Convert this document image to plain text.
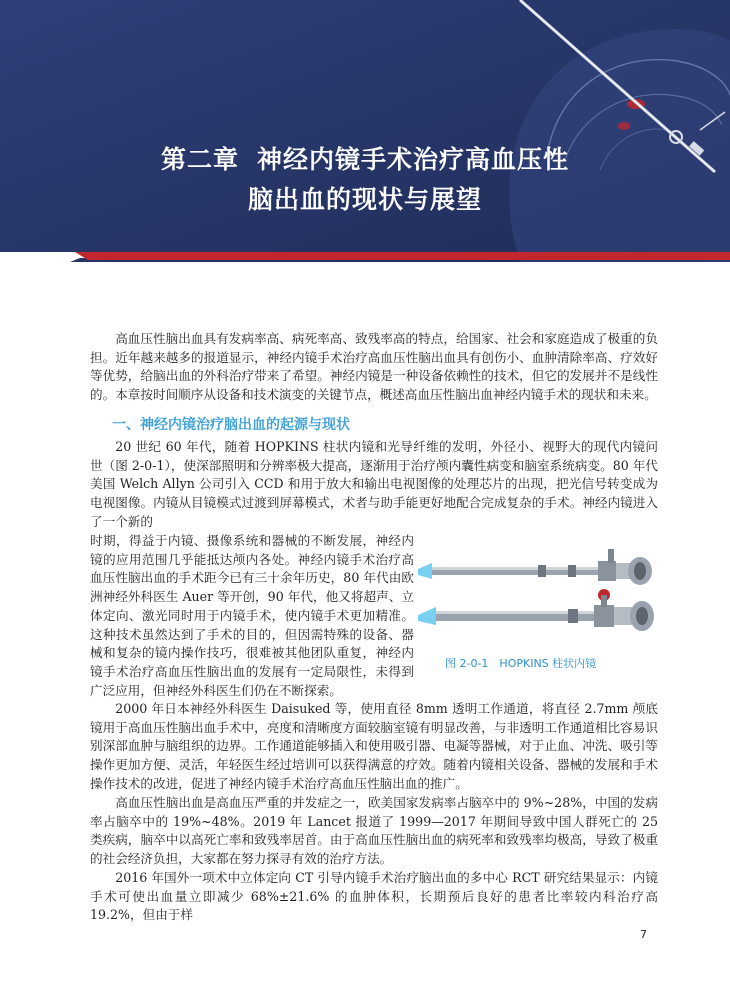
第二章 神经内镜手术治疗高血压性
脑出血的现状与展望

高血压性脑出血具有发病率高、病死率高、致残率高的特点，给国家、社会和家庭造成了极重的负担。近年越来越多的报道显示，神经内镜手术治疗高血压性脑出血具有创伤小、血肿清除率高、疗效好等优势，给脑出血的外科治疗带来了希望。神经内镜是一种设备依赖性的技术，但它的发展并不是线性的。本章按时间顺序从设备和技术演变的关键节点，概述高血压性脑出血神经内镜手术的现状和未来。

一、神经内镜治疗脑出血的起源与现状

20 世纪 60 年代，随着 HOPKINS 柱状内镜和光导纤维的发明，外径小、视野大的现代内镜问世（图 2-0-1），使深部照明和分辨率极大提高，逐渐用于治疗颅内囊性病变和脑室系统病变。80 年代美国 Welch Allyn 公司引入 CCD 和用于放大和输出电视图像的处理芯片的出现，把光信号转变成为电视图像。内镜从目镜模式过渡到屏幕模式，术者与助手能更好地配合完成复杂的手术。神经内镜进入了一个新的

时期，得益于内镜、摄像系统和器械的不断发展，神经内镜的应用范围几乎能抵达颅内各处。神经内镜手术治疗高血压性脑出血的手术距今已有三十余年历史，80 年代由欧洲神经外科医生 Auer 等开创，90 年代，他又将超声、立体定向、激光同时用于内镜手术，使内镜手术更加精准。这种技术虽然达到了手术的目的，但因需特殊的设备、器械和复杂的镜内操作技巧，很难被其他团队重复，神经内镜手术治疗高血压性脑出血的发展有一定局限性，未得到广泛应用，但神经外科医生们仍在不断探索。

图 2-0-1　HOPKINS 柱状内镜

2000 年日本神经外科医生 Daisuked 等，使用直径 8mm 透明工作通道，将直径 2.7mm 颅底镜用于高血压性脑出血手术中，亮度和清晰度方面较脑室镜有明显改善，与非透明工作通道相比容易识别深部血肿与脑组织的边界。工作通道能够插入和使用吸引器、电凝等器械，对于止血、冲洗、吸引等操作更加方便、灵活，年轻医生经过培训可以获得满意的疗效。随着内镜相关设备、器械的发展和手术操作技术的改进，促进了神经内镜手术治疗高血压性脑出血的推广。

高血压性脑出血是高血压严重的并发症之一，欧美国家发病率占脑卒中的 9%~28%，中国的发病率占脑卒中的 19%~48%。2019 年 Lancet 报道了 1999—2017 年期间导致中国人群死亡的 25 类疾病，脑卒中以高死亡率和致残率居首。由于高血压性脑出血的病死率和致残率均极高，导致了极重的社会经济负担，大家都在努力探寻有效的治疗方法。

2016 年国外一项术中立体定向 CT 引导内镜手术治疗脑出血的多中心 RCT 研究结果显示：内镜手术可使出血量立即减少 68%±21.6% 的血肿体积，长期预后良好的患者比率较内科治疗高 19.2%，但由于样

7
